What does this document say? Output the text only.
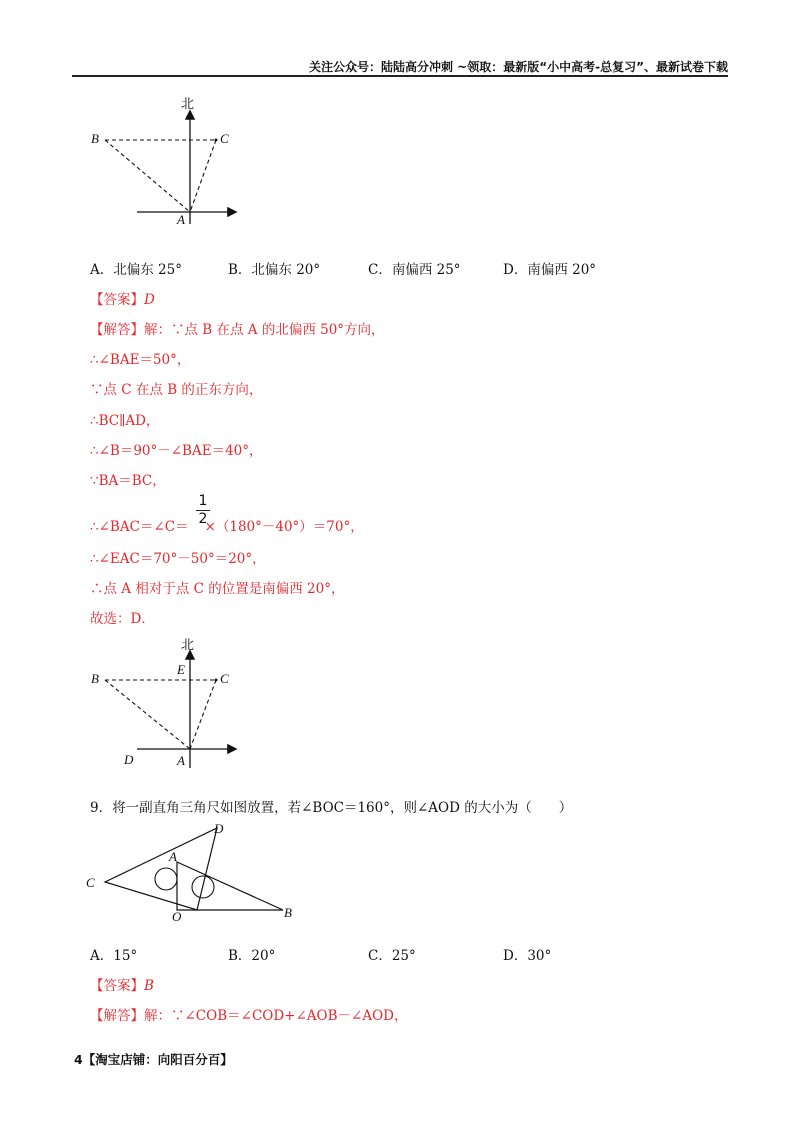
关注公众号：陆陆高分冲刺 ~领取：最新版“小中高考-总复习”、最新试卷下载
北
B	C
A
A．北偏东 25°	B．北偏东 20°	C．南偏西 25°	D．南偏西 20°
【答案】D
【解答】解：∵点 B 在点 A 的北偏西 50°方向，
∴∠BAE＝50°，
∵点 C 在点 B 的正东方向，
∴BC∥AD，
∴∠B＝90°－∠BAE＝40°，
∵BA＝BC，
∴∠BAC＝∠C＝ ×（180°－40°）＝70°，
1
2
∴∠EAC＝70°－50°＝20°，
∴点 A 相对于点 C 的位置是南偏西 20°，
故选：D．
北
B
E
C
D	A
9．将一副直角三角尺如图放置，若∠BOC＝160°，则∠AOD 的大小为（　　）
C
A
D
O	B
A．15°	B．20°	C．25°	D．30°
【答案】B
【解答】解：∵∠COB＝∠COD+∠AOB－∠AOD，
4【淘宝店铺：向阳百分百】
